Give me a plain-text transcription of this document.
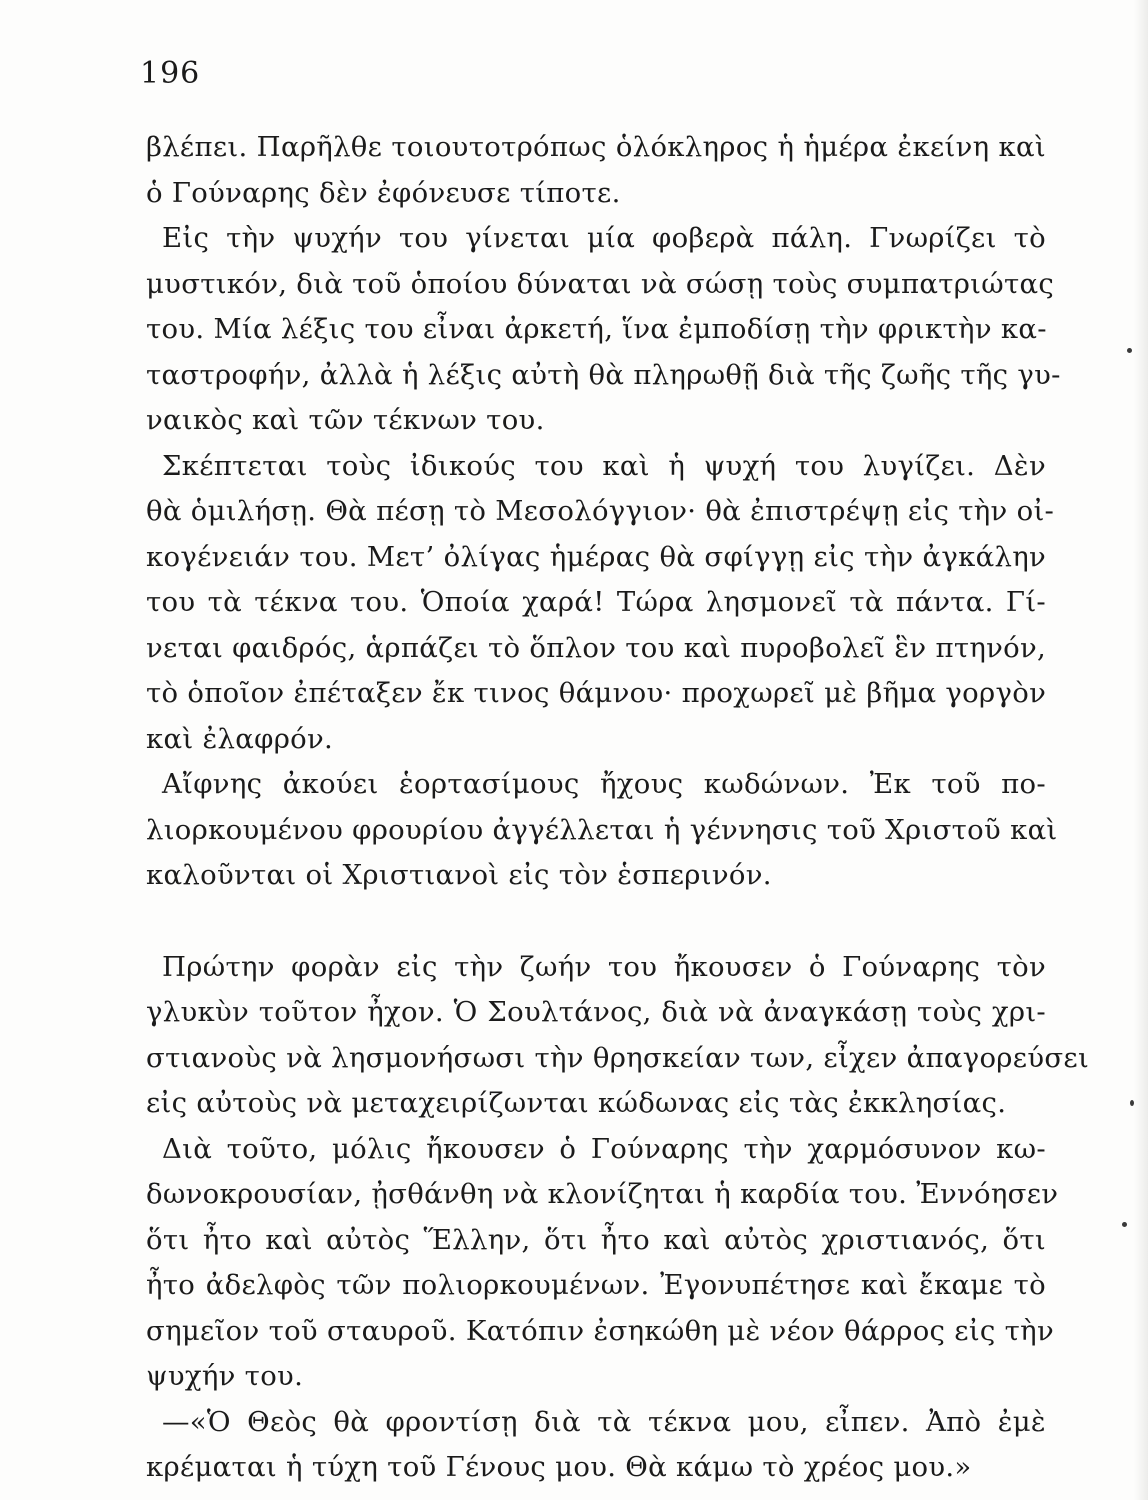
196
βλέπει. Παρῆλθε τοιουτοτρόπως ὁλόκληρος ἡ ἡμέρα ἐκείνη καὶ
ὁ Γούναρης δὲν ἐφόνευσε τίποτε.
Εἰς τὴν ψυχήν του γίνεται μία φοβερὰ πάλη. Γνωρίζει τὸ
μυστικόν, διὰ τοῦ ὁποίου δύναται νὰ σώσῃ τοὺς συμπατριώτας
του. Μία λέξις του εἶναι ἀρκετή, ἵνα ἐμποδίσῃ τὴν φρικτὴν κα-
ταστροφήν, ἀλλὰ ἡ λέξις αὐτὴ θὰ πληρωθῇ διὰ τῆς ζωῆς τῆς γυ-
ναικὸς καὶ τῶν τέκνων του.
Σκέπτεται τοὺς ἰδικούς του καὶ ἡ ψυχή του λυγίζει. Δὲν
θὰ ὁμιλήσῃ. Θὰ πέσῃ τὸ Μεσολόγγιον· θὰ ἐπιστρέψῃ εἰς τὴν οἰ-
κογένειάν του. Μετ’ ὀλίγας ἡμέρας θὰ σφίγγῃ εἰς τὴν ἀγκάλην
του τὰ τέκνα του. Ὁποία χαρά! Τώρα λησμονεῖ τὰ πάντα. Γί-
νεται φαιδρός, ἁρπάζει τὸ ὅπλον του καὶ πυροβολεῖ ἓν πτηνόν,
τὸ ὁποῖον ἐπέταξεν ἔκ τινος θάμνου· προχωρεῖ μὲ βῆμα γοργὸν
καὶ ἐλαφρόν.
Αἴφνης ἀκούει ἑορτασίμους ἤχους κωδώνων. Ἐκ τοῦ πο-
λιορκουμένου φρουρίου ἀγγέλλεται ἡ γέννησις τοῦ Χριστοῦ καὶ
καλοῦνται οἱ Χριστιανοὶ εἰς τὸν ἑσπερινόν.
Πρώτην φορὰν εἰς τὴν ζωήν του ἤκουσεν ὁ Γούναρης τὸν
γλυκὺν τοῦτον ἦχον. Ὁ Σουλτάνος, διὰ νὰ ἀναγκάσῃ τοὺς χρι-
στιανοὺς νὰ λησμονήσωσι τὴν θρησκείαν των, εἶχεν ἀπαγορεύσει
εἰς αὐτοὺς νὰ μεταχειρίζωνται κώδωνας εἰς τὰς ἐκκλησίας.
Διὰ τοῦτο, μόλις ἤκουσεν ὁ Γούναρης τὴν χαρμόσυνον κω-
δωνοκρουσίαν, ᾐσθάνθη νὰ κλονίζηται ἡ καρδία του. Ἐννόησεν
ὅτι ἦτο καὶ αὐτὸς Ἕλλην, ὅτι ἦτο καὶ αὐτὸς χριστιανός, ὅτι
ἦτο ἀδελφὸς τῶν πολιορκουμένων. Ἐγονυπέτησε καὶ ἔκαμε τὸ
σημεῖον τοῦ σταυροῦ. Κατόπιν ἐσηκώθη μὲ νέον θάρρος εἰς τὴν
ψυχήν του.
—«Ὁ Θεὸς θὰ φροντίσῃ διὰ τὰ τέκνα μου, εἶπεν. Ἀπὸ ἐμὲ
κρέμαται ἡ τύχη τοῦ Γένους μου. Θὰ κάμω τὸ χρέος μου.»
